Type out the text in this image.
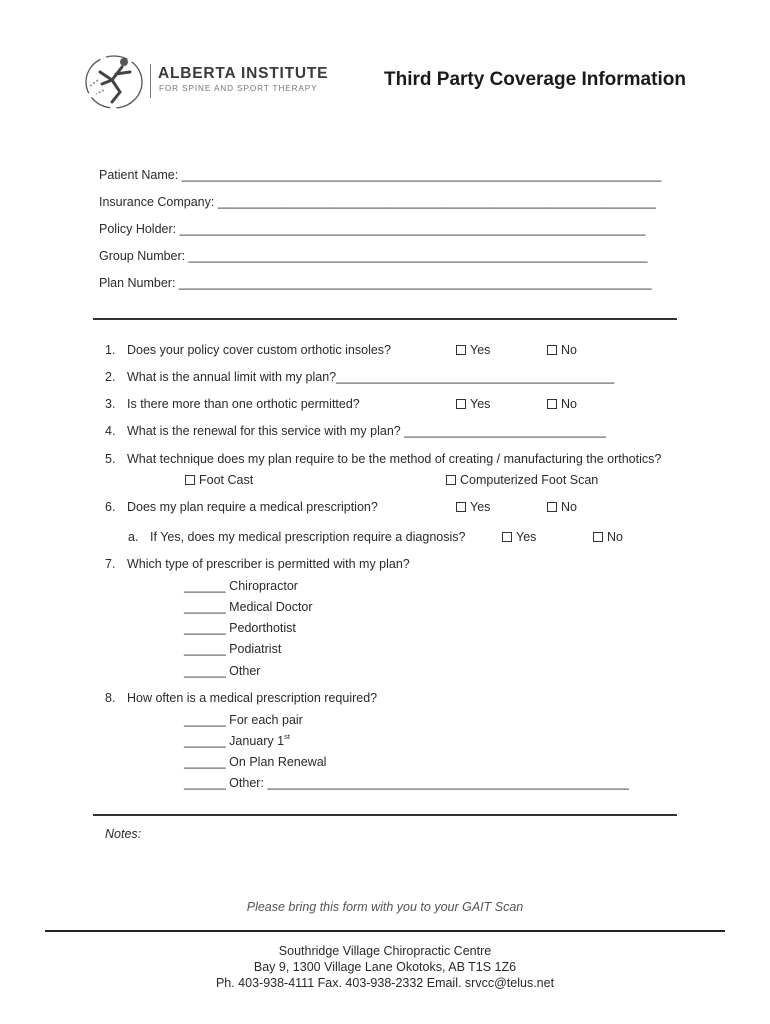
ALBERTA INSTITUTE
FOR SPINE AND SPORT THERAPY	Third Party Coverage Information
Patient Name: _____________________________________________________________________
Insurance Company: _______________________________________________________________
Policy Holder: ___________________________________________________________________
Group Number: __________________________________________________________________
Plan Number: ____________________________________________________________________
1. Does your policy cover custom orthotic insoles?	Yes	No
2. What is the annual limit with my plan?________________________________________
3. Is there more than one orthotic permitted?	Yes	No
4. What is the renewal for this service with my plan? _____________________________
5. What technique does my plan require to be the method of creating / manufacturing the orthotics?
Foot Cast	Computerized Foot Scan
6. Does my plan require a medical prescription?	Yes	No
a. If Yes, does my medical prescription require a diagnosis?	Yes	No
7. Which type of prescriber is permitted with my plan?
______ Chiropractor
______ Medical Doctor
______ Pedorthotist
______ Podiatrist
______ Other
8. How often is a medical prescription required?
______ For each pair
______ January 1st
______ On Plan Renewal
______ Other: ____________________________________________________
Notes:
Please bring this form with you to your GAIT Scan
Southridge Village Chiropractic Centre
Bay 9, 1300 Village Lane Okotoks, AB T1S 1Z6
Ph. 403-938-4111 Fax. 403-938-2332 Email. srvcc@telus.net
